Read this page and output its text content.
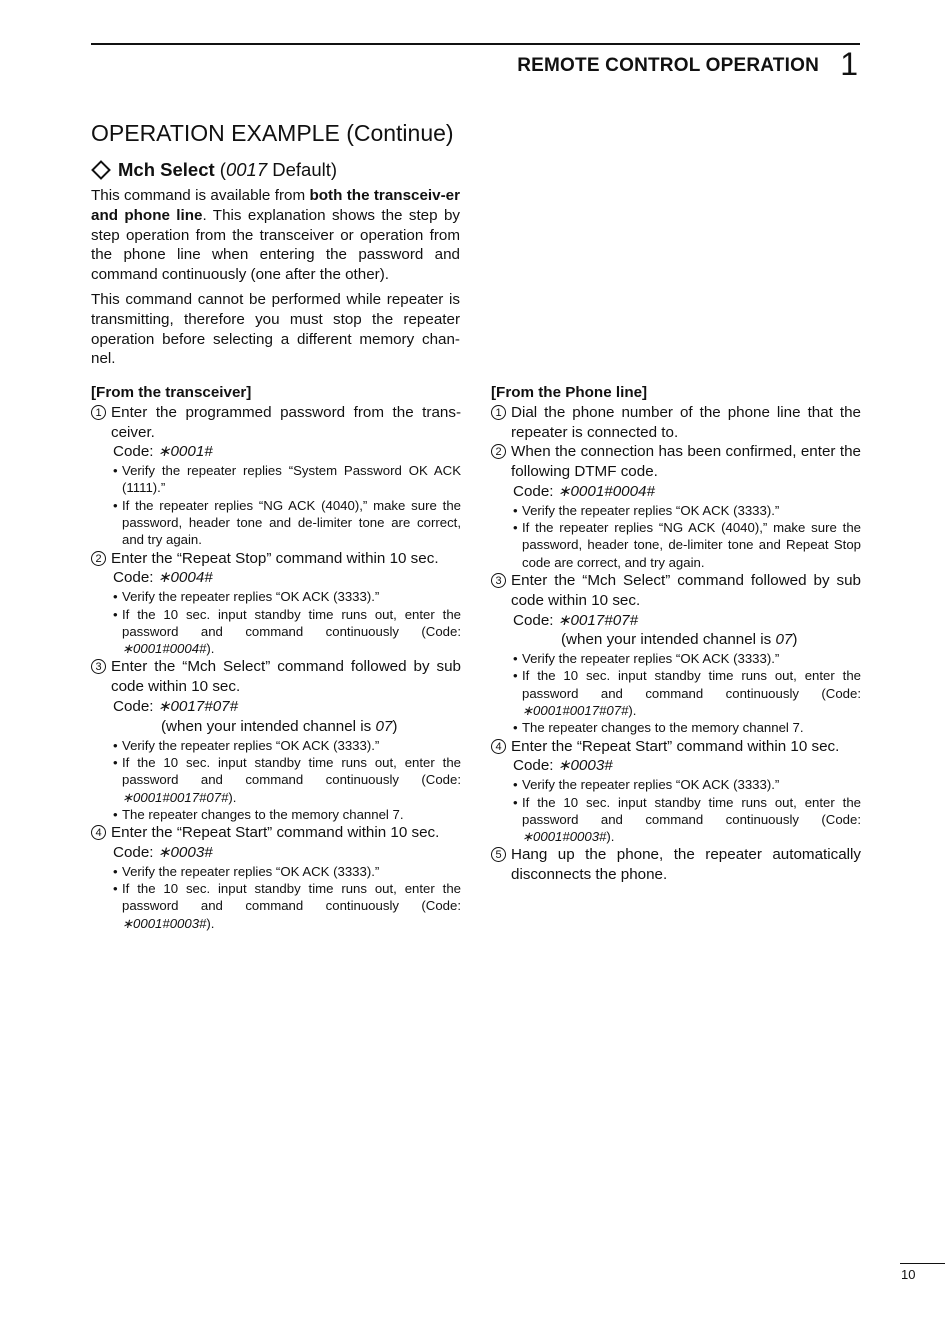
REMOTE CONTROL OPERATION 1
OPERATION EXAMPLE (Continue)
Mch Select (0017 Default)
This command is available from both the transceiv-er and phone line. This explanation shows the step by step operation from the transceiver or operation from the phone line when entering the password and command continuously (one after the other).
This command cannot be performed while repeater is transmitting, therefore you must stop the repeater operation before selecting a different memory chan-nel.
[From the transceiver]
1 Enter the programmed password from the trans-ceiver.
Code: ∗0001#
• Verify the repeater replies “System Password OK ACK (1111).”
• If the repeater replies “NG ACK (4040),” make sure the password, header tone and de-limiter tone are correct, and try again.
2 Enter the “Repeat Stop” command within 10 sec.
Code: ∗0004#
• Verify the repeater replies “OK ACK (3333).”
• If the 10 sec. input standby time runs out, enter the password and command continuously (Code: ∗0001#0004#).
3 Enter the “Mch Select” command followed by sub code within 10 sec.
Code: ∗0017#07#
(when your intended channel is 07)
• Verify the repeater replies “OK ACK (3333).”
• If the 10 sec. input standby time runs out, enter the password and command continuously (Code: ∗0001#0017#07#).
• The repeater changes to the memory channel 7.
4 Enter the “Repeat Start” command within 10 sec.
Code: ∗0003#
• Verify the repeater replies “OK ACK (3333).”
• If the 10 sec. input standby time runs out, enter the password and command continuously (Code: ∗0001#0003#).
[From the Phone line]
1 Dial the phone number of the phone line that the repeater is connected to.
2 When the connection has been confirmed, enter the following DTMF code.
Code: ∗0001#0004#
• Verify the repeater replies “OK ACK (3333).”
• If the repeater replies “NG ACK (4040),” make sure the password, header tone, de-limiter tone and Repeat Stop code are correct, and try again.
3 Enter the “Mch Select” command followed by sub code within 10 sec.
Code: ∗0017#07#
(when your intended channel is 07)
• Verify the repeater replies “OK ACK (3333).”
• If the 10 sec. input standby time runs out, enter the password and command continuously (Code: ∗0001#0017#07#).
• The repeater changes to the memory channel 7.
4 Enter the “Repeat Start” command within 10 sec.
Code: ∗0003#
• Verify the repeater replies “OK ACK (3333).”
• If the 10 sec. input standby time runs out, enter the password and command continuously (Code: ∗0001#0003#).
5 Hang up the phone, the repeater automatically disconnects the phone.
10
